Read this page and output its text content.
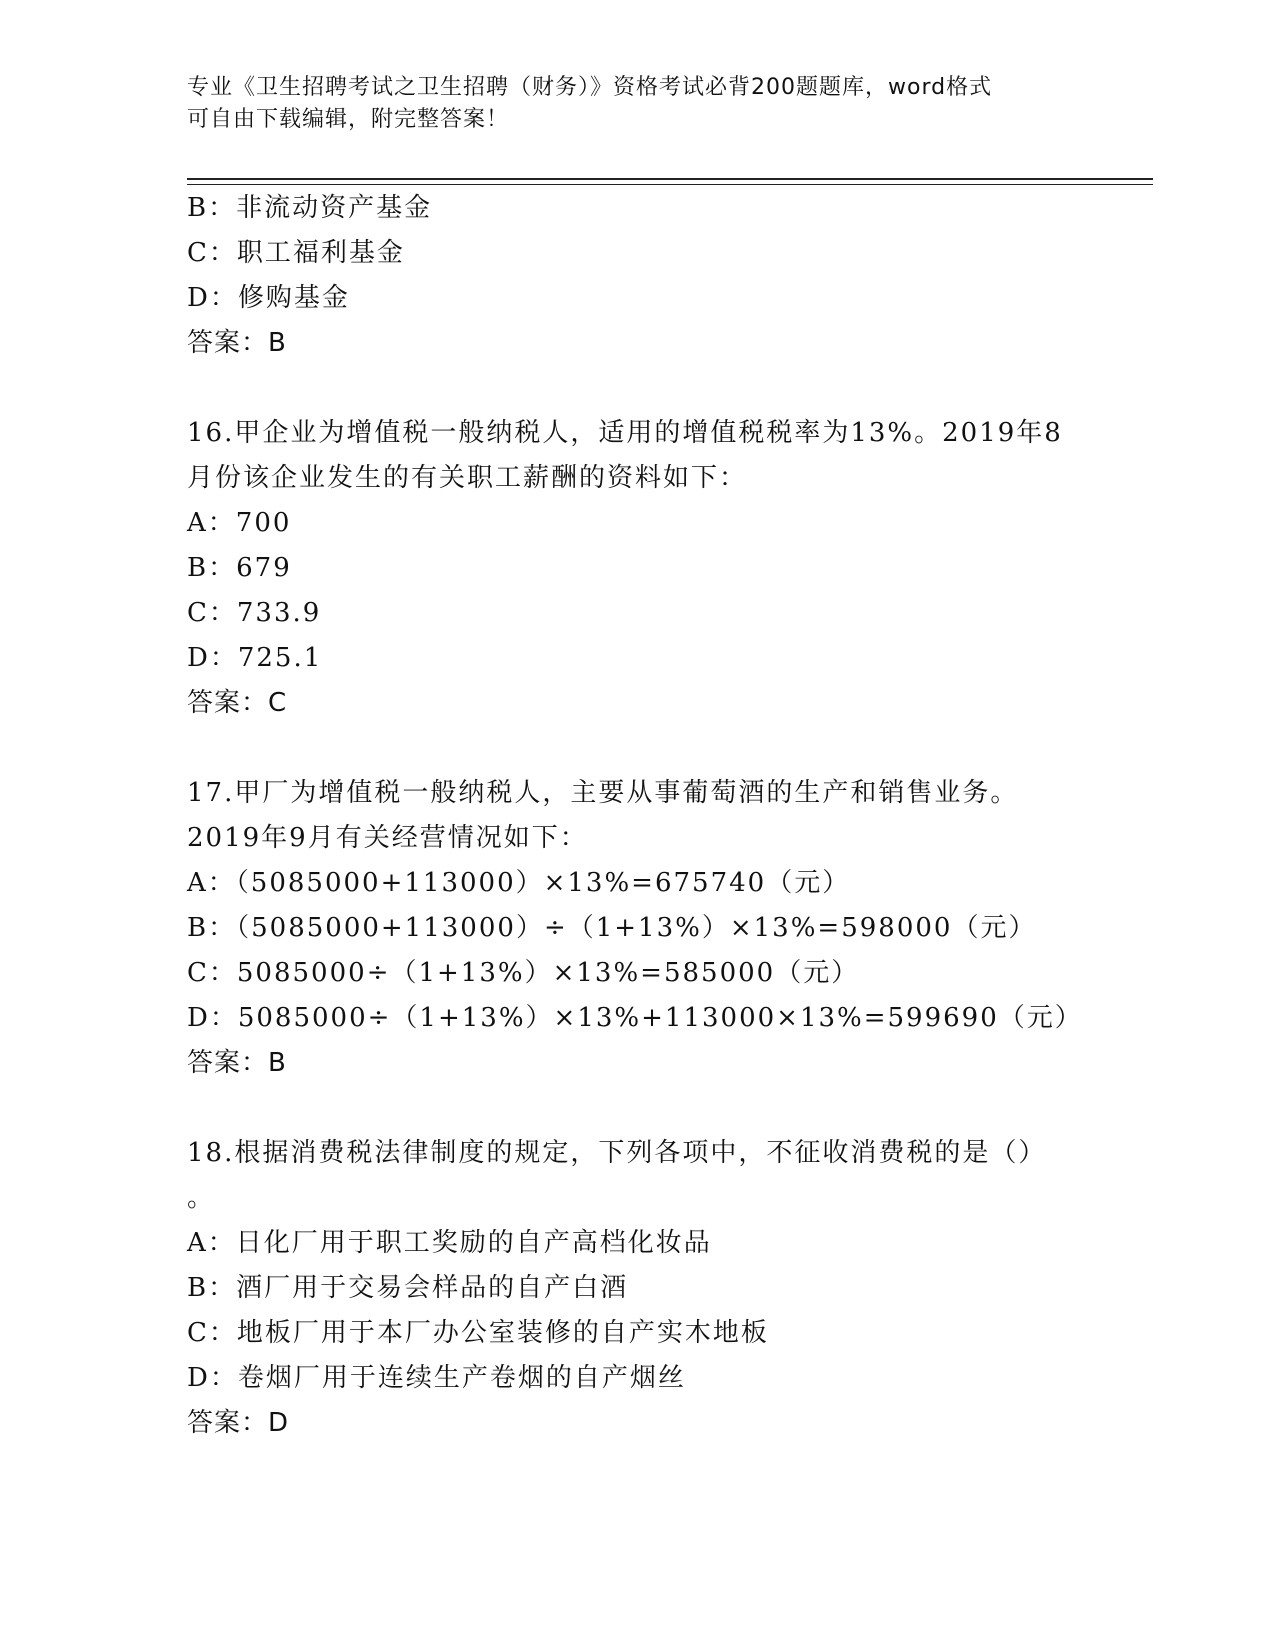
专业《卫生招聘考试之卫生招聘（财务）》资格考试必背200题题库，word格式
可自由下载编辑，附完整答案！
B：非流动资产基金
C：职工福利基金
D：修购基金
答案：B
16.甲企业为增值税一般纳税人，适用的增值税税率为13%。2019年8
月份该企业发生的有关职工薪酬的资料如下：
A：700
B：679
C：733.9
D：725.1
答案：C
17.甲厂为增值税一般纳税人，主要从事葡萄酒的生产和销售业务。
2019年9月有关经营情况如下：
A：（5085000+113000）×13%=675740（元）
B：（5085000+113000）÷（1+13%）×13%=598000（元）
C：5085000÷（1+13%）×13%=585000（元）
D：5085000÷（1+13%）×13%+113000×13%=599690（元）
答案：B
18.根据消费税法律制度的规定，下列各项中，不征收消费税的是（）
。
A：日化厂用于职工奖励的自产高档化妆品
B：酒厂用于交易会样品的自产白酒
C：地板厂用于本厂办公室装修的自产实木地板
D：卷烟厂用于连续生产卷烟的自产烟丝
答案：D
